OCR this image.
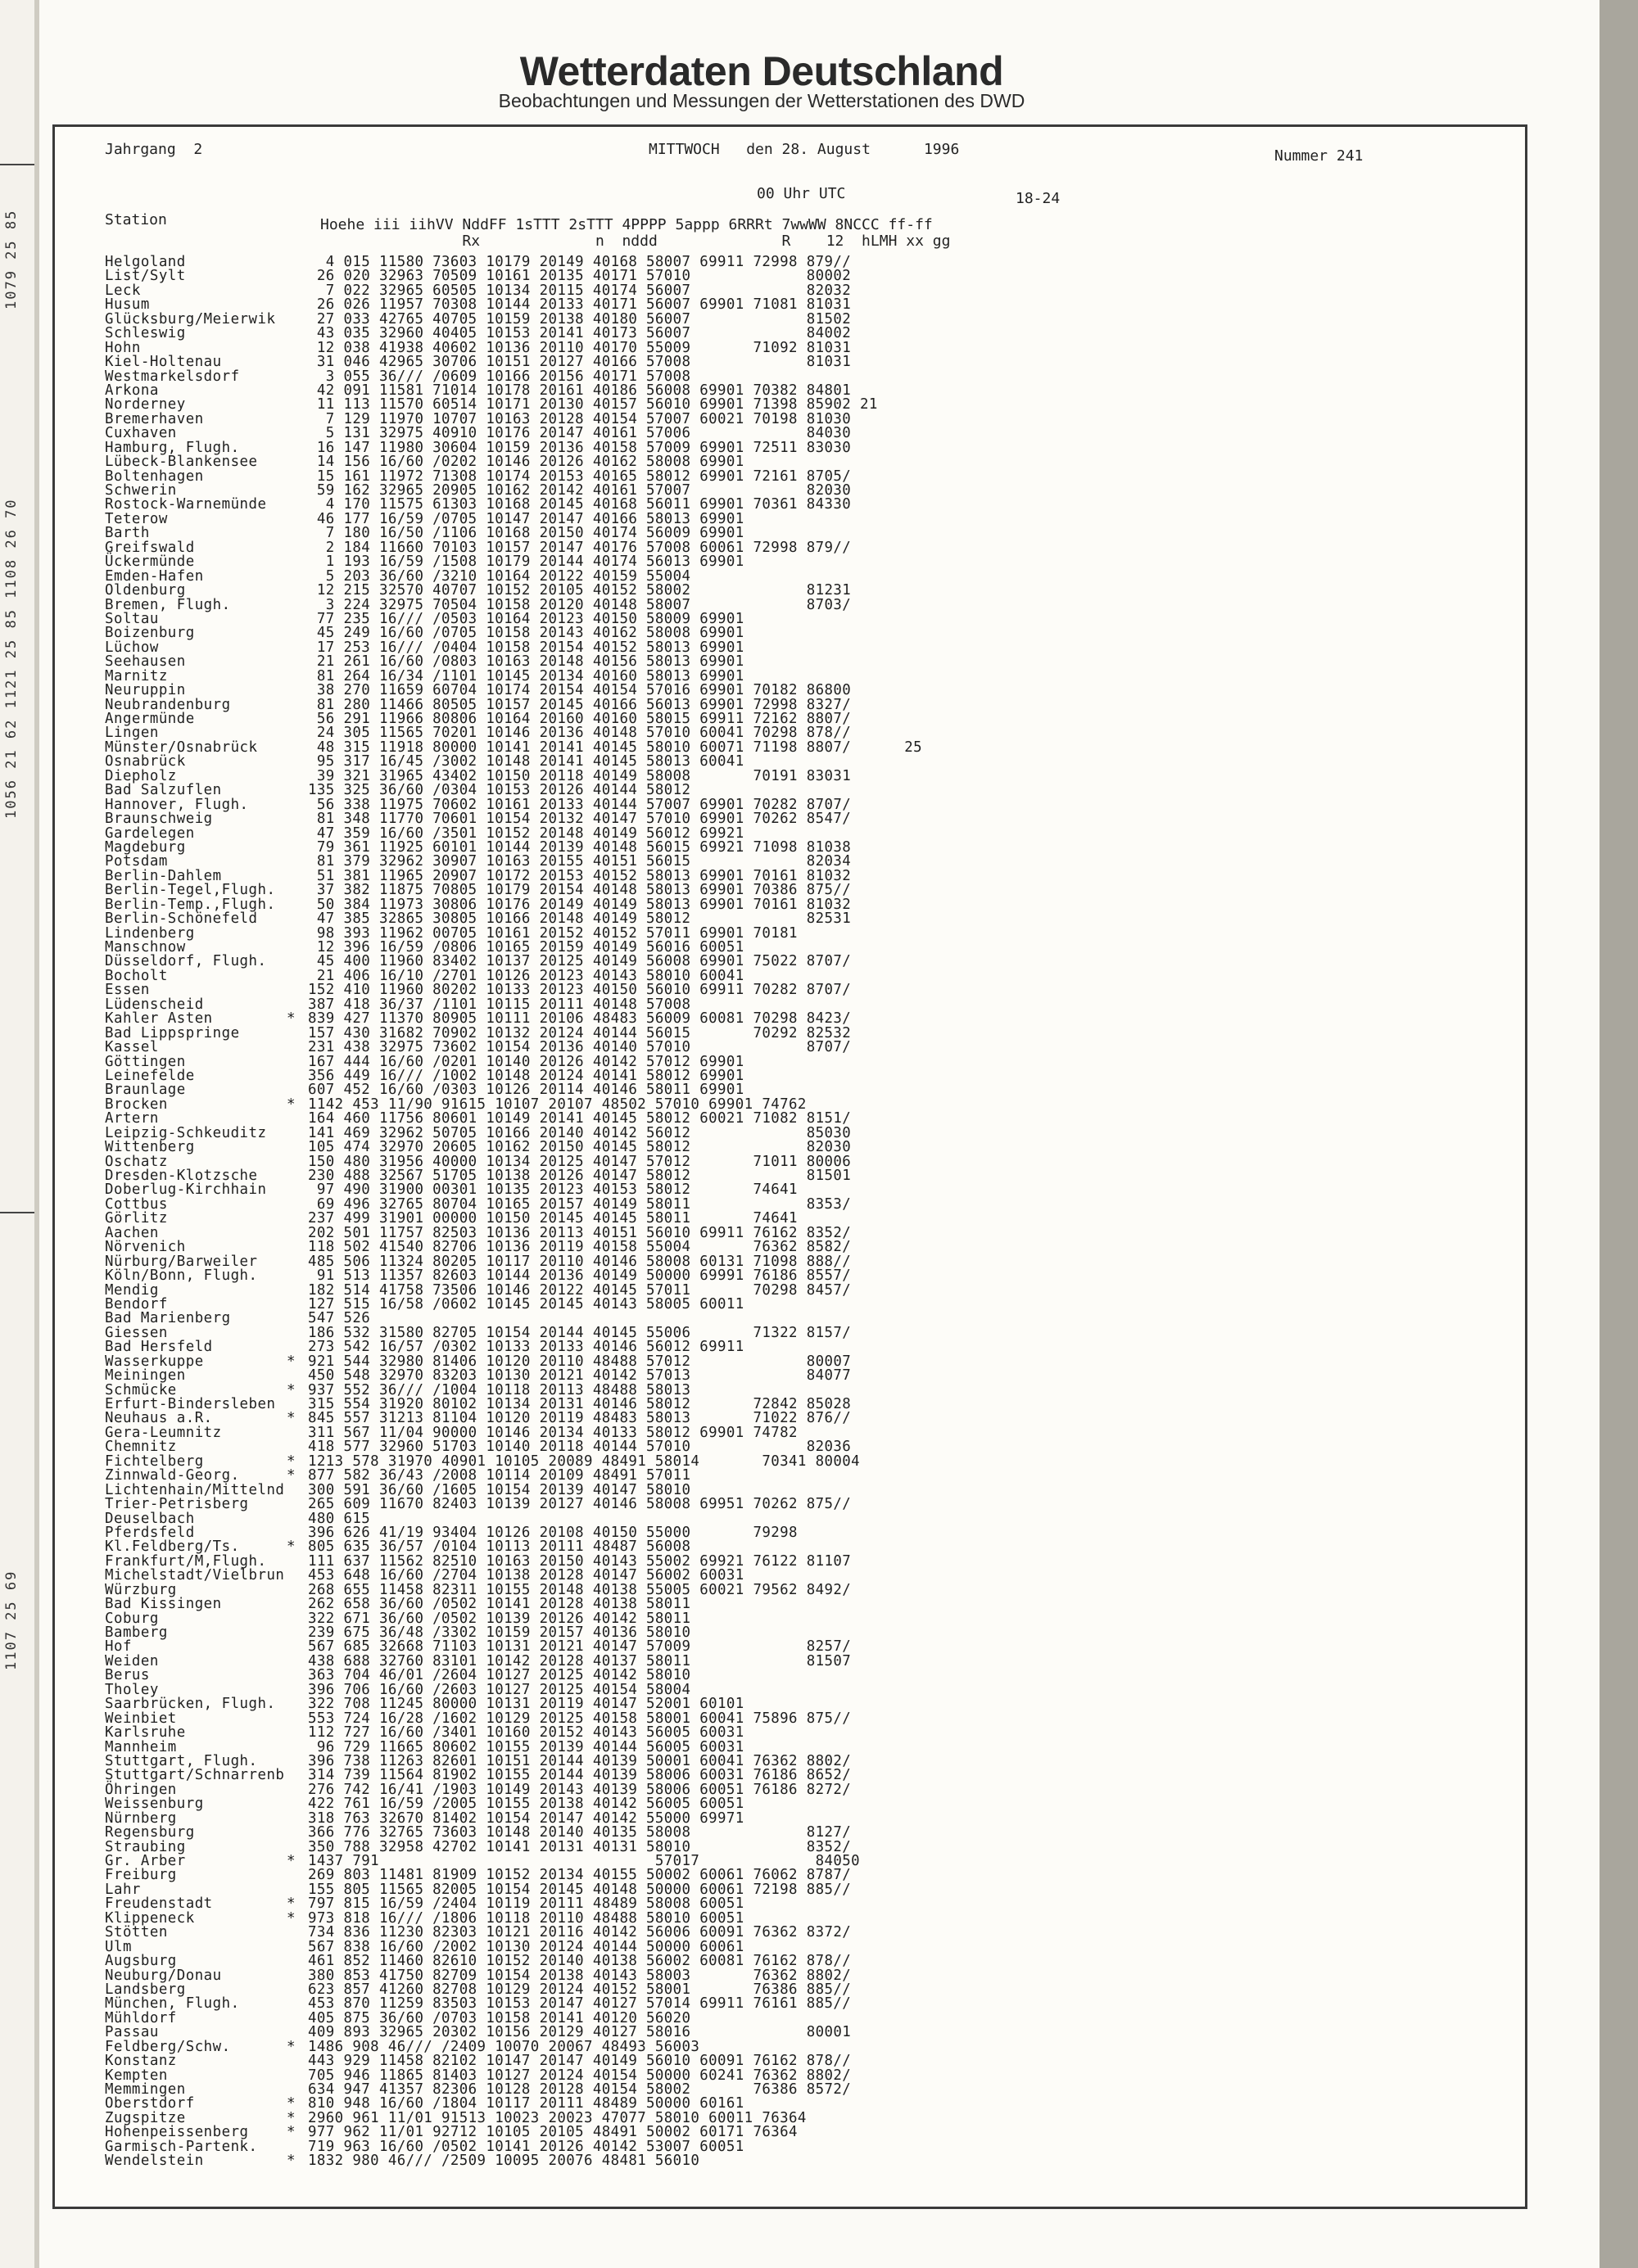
1079 25 85
1056 21 62 1121 25 85 1108 26 70
1107 25 69
Wetterdaten Deutschland
Beobachtungen und Messungen der Wetterstationen des DWD
Jahrgang  2	MITTWOCH   den 28. August      1996	Nummer 241
00 Uhr UTC	18-24
Station	Hoehe iii iihVV NddFF 1sTTT 2sTTT 4PPPP 5appp 6RRRt 7wwWW 8NCCC ff-ff
Rx             n  nddd              R    12  hLMH xx gg
Helgoland	4 015 11580 73603 10179 20149 40168 58007 69911 72998 879//
List/Sylt	26 020 32963 70509 10161 20135 40171 57010             80002
Leck	7 022 32965 60505 10134 20115 40174 56007             82032
Husum	26 026 11957 70308 10144 20133 40171 56007 69901 71081 81031
Glücksburg/Meierwik 27 033 42765 40705 10159 20138 40180 56007             81502
Schleswig	43 035 32960 40405 10153 20141 40173 56007             84002
Hohn	12 038 41938 40602 10136 20110 40170 55009       71092 81031
Kiel-Holtenau	31 046 42965 30706 10151 20127 40166 57008             81031
Westmarkelsdorf	3 055 36/// /0609 10166 20156 40171 57008
Arkona	42 091 11581 71014 10178 20161 40186 56008 69901 70382 84801
Norderney	11 113 11570 60514 10171 20130 40157 56010 69901 71398 85902 21
Bremerhaven	7 129 11970 10707 10163 20128 40154 57007 60021 70198 81030
Cuxhaven	5 131 32975 40910 10176 20147 40161 57006             84030
Hamburg, Flugh.	16 147 11980 30604 10159 20136 40158 57009 69901 72511 83030
Lübeck-Blankensee	14 156 16/60 /0202 10146 20126 40162 58008 69901
Boltenhagen	15 161 11972 71308 10174 20153 40165 58012 69901 72161 8705/
Schwerin	59 162 32965 20905 10162 20142 40161 57007             82030
Rostock-Warnemünde	4 170 11575 61303 10168 20145 40168 56011 69901 70361 84330
Teterow	46 177 16/59 /0705 10147 20147 40166 58013 69901
Barth	7 180 16/50 /1106 10168 20150 40174 56009 69901
Greifswald	2 184 11660 70103 10157 20147 40176 57008 60061 72998 879//
Ückermünde	1 193 16/59 /1508 10179 20144 40174 56013 69901
Emden-Hafen	5 203 36/60 /3210 10164 20122 40159 55004
Oldenburg	12 215 32570 40707 10152 20105 40152 58002             81231
Bremen, Flugh.	3 224 32975 70504 10158 20120 40148 58007             8703/
Soltau	77 235 16/// /0503 10164 20123 40150 58009 69901
Boizenburg	45 249 16/60 /0705 10158 20143 40162 58008 69901
Lüchow	17 253 16/// /0404 10158 20154 40152 58013 69901
Seehausen	21 261 16/60 /0803 10163 20148 40156 58013 69901
Marnitz	81 264 16/34 /1101 10145 20134 40160 58013 69901
Neuruppin	38 270 11659 60704 10174 20154 40154 57016 69901 70182 86800
Neubrandenburg	81 280 11466 80505 10157 20145 40166 56013 69901 72998 8327/
Angermünde	56 291 11966 80806 10164 20160 40160 58015 69911 72162 8807/
Lingen	24 305 11565 70201 10146 20136 40148 57010 60041 70298 878//
Münster/Osnabrück	48 315 11918 80000 10141 20141 40145 58010 60071 71198 8807/      25
Osnabrück	95 317 16/45 /3002 10148 20141 40145 58013 60041
Diepholz	39 321 31965 43402 10150 20118 40149 58008       70191 83031
Bad Salzuflen	135 325 36/60 /0304 10153 20126 40144 58012
Hannover, Flugh.	56 338 11975 70602 10161 20133 40144 57007 69901 70282 8707/
Braunschweig	81 348 11770 70601 10154 20132 40147 57010 69901 70262 8547/
Gardelegen	47 359 16/60 /3501 10152 20148 40149 56012 69921
Magdeburg	79 361 11925 60101 10144 20139 40148 56015 69921 71098 81038
Potsdam	81 379 32962 30907 10163 20155 40151 56015             82034
Berlin-Dahlem	51 381 11965 20907 10172 20153 40152 58013 69901 70161 81032
Berlin-Tegel,Flugh. 37 382 11875 70805 10179 20154 40148 58013 69901 70386 875//
Berlin-Temp.,Flugh. 50 384 11973 30806 10176 20149 40149 58013 69901 70161 81032
Berlin-Schönefeld	47 385 32865 30805 10166 20148 40149 58012             82531
Lindenberg	98 393 11962 00705 10161 20152 40152 57011 69901 70181
Manschnow	12 396 16/59 /0806 10165 20159 40149 56016 60051
Düsseldorf, Flugh.	45 400 11960 83402 10137 20125 40149 56008 69901 75022 8707/
Bocholt	21 406 16/10 /2701 10126 20123 40143 58010 60041
Essen	152 410 11960 80202 10133 20123 40150 56010 69911 70282 8707/
Lüdenscheid	387 418 36/37 /1101 10115 20111 40148 57008
Kahler Asten	* 839 427 11370 80905 10111 20106 48483 56009 60081 70298 8423/
Bad Lippspringe	157 430 31682 70902 10132 20124 40144 56015       70292 82532
Kassel	231 438 32975 73602 10154 20136 40140 57010             8707/
Göttingen	167 444 16/60 /0201 10140 20126 40142 57012 69901
Leinefelde	356 449 16/// /1002 10148 20124 40141 58012 69901
Braunlage	607 452 16/60 /0303 10126 20114 40146 58011 69901
Brocken	* 1142 453 11/90 91615 10107 20107 48502 57010 69901 74762
Artern	164 460 11756 80601 10149 20141 40145 58012 60021 71082 8151/
Leipzig-Schkeuditz	141 469 32962 50705 10166 20140 40142 56012             85030
Wittenberg	105 474 32970 20605 10162 20150 40145 58012             82030
Oschatz	150 480 31956 40000 10134 20125 40147 57012       71011 80006
Dresden-Klotzsche	230 488 32567 51705 10138 20126 40147 58012             81501
Doberlug-Kirchhain	97 490 31900 00301 10135 20123 40153 58012       74641
Cottbus	69 496 32765 80704 10165 20157 40149 58011             8353/
Görlitz	237 499 31901 00000 10150 20145 40145 58011       74641
Aachen	202 501 11757 82503 10136 20113 40151 56010 69911 76162 8352/
Nörvenich	118 502 41540 82706 10136 20119 40158 55004       76362 8582/
Nürburg/Barweiler	485 506 11324 80205 10117 20110 40146 58008 60131 71098 888//
Köln/Bonn, Flugh.	91 513 11357 82603 10144 20136 40149 50000 69991 76186 8557/
Mendig	182 514 41758 73506 10146 20122 40145 57011       70298 8457/
Bendorf	127 515 16/58 /0602 10145 20145 40143 58005 60011
Bad Marienberg	547 526
Giessen	186 532 31580 82705 10154 20144 40145 55006       71322 8157/
Bad Hersfeld	273 542 16/57 /0302 10133 20133 40146 56012 69911
Wasserkuppe	* 921 544 32980 81406 10120 20110 48488 57012             80007
Meiningen	450 548 32970 83203 10130 20121 40142 57013             84077
Schmücke	* 937 552 36/// /1004 10118 20113 48488 58013
Erfurt-Bindersleben 315 554 31920 80102 10134 20131 40146 58012       72842 85028
Neuhaus a.R.	* 845 557 31213 81104 10120 20119 48483 58013       71022 876//
Gera-Leumnitz	311 567 11/04 90000 10146 20134 40133 58012 69901 74782
Chemnitz	418 577 32960 51703 10140 20118 40144 57010             82036
Fichtelberg	* 1213 578 31970 40901 10105 20089 48491 58014       70341 80004
Zinnwald-Georg.	* 877 582 36/43 /2008 10114 20109 48491 57011
Lichtenhain/Mittelnd 300 591 36/60 /1605 10154 20139 40147 58010
Trier-Petrisberg	265 609 11670 82403 10139 20127 40146 58008 69951 70262 875//
Deuselbach	480 615
Pferdsfeld	396 626 41/19 93404 10126 20108 40150 55000       79298
Kl.Feldberg/Ts.	* 805 635 36/57 /0104 10113 20111 48487 56008
Frankfurt/M,Flugh.	111 637 11562 82510 10163 20150 40143 55002 69921 76122 81107
Michelstadt/Vielbrun 453 648 16/60 /2704 10138 20128 40147 56002 60031
Würzburg	268 655 11458 82311 10155 20148 40138 55005 60021 79562 8492/
Bad Kissingen	262 658 36/60 /0502 10141 20128 40138 58011
Coburg	322 671 36/60 /0502 10139 20126 40142 58011
Bamberg	239 675 36/48 /3302 10159 20157 40136 58010
Hof	567 685 32668 71103 10131 20121 40147 57009             8257/
Weiden	438 688 32760 83101 10142 20128 40137 58011             81507
Berus	363 704 46/01 /2604 10127 20125 40142 58010
Tholey	396 706 16/60 /2603 10127 20125 40154 58004
Saarbrücken, Flugh. 322 708 11245 80000 10131 20119 40147 52001 60101
Weinbiet	553 724 16/28 /1602 10129 20125 40158 58001 60041 75896 875//
Karlsruhe	112 727 16/60 /3401 10160 20152 40143 56005 60031
Mannheim	96 729 11665 80602 10155 20139 40144 56005 60031
Stuttgart, Flugh.	396 738 11263 82601 10151 20144 40139 50001 60041 76362 8802/
Stuttgart/Schnarrenb 314 739 11564 81902 10155 20144 40139 58006 60031 76186 8652/
Öhringen	276 742 16/41 /1903 10149 20143 40139 58006 60051 76186 8272/
Weissenburg	422 761 16/59 /2005 10155 20138 40142 56005 60051
Nürnberg	318 763 32670 81402 10154 20147 40142 55000 69971
Regensburg	366 776 32765 73603 10148 20140 40135 58008             8127/
Straubing	350 788 32958 42702 10141 20131 40131 58010             8352/
Gr. Arber	* 1437 791                               57017             84050
Freiburg	269 803 11481 81909 10152 20134 40155 50002 60061 76062 8787/
Lahr	155 805 11565 82005 10154 20145 40148 50000 60061 72198 885//
Freudenstadt	* 797 815 16/59 /2404 10119 20111 48489 58008 60051
Klippeneck	* 973 818 16/// /1806 10118 20110 48488 58010 60051
Stötten	734 836 11230 82303 10121 20116 40142 56006 60091 76362 8372/
Ulm	567 838 16/60 /2002 10130 20124 40144 50000 60061
Augsburg	461 852 11460 82610 10152 20140 40138 56002 60081 76162 878//
Neuburg/Donau	380 853 41750 82709 10154 20138 40143 58003       76362 8802/
Landsberg	623 857 41260 82708 10129 20124 40152 58001       76386 885//
München, Flugh.	453 870 11259 83503 10153 20147 40127 57014 69911 76161 885//
Mühldorf	405 875 36/60 /0703 10158 20141 40120 56020
Passau	409 893 32965 20302 10156 20129 40127 58016             80001
Feldberg/Schw.	* 1486 908 46/// /2409 10070 20067 48493 56003
Konstanz	443 929 11458 82102 10147 20147 40149 56010 60091 76162 878//
Kempten	705 946 11865 81403 10127 20124 40154 50000 60241 76362 8802/
Memmingen	634 947 41357 82306 10128 20128 40154 58002       76386 8572/
Oberstdorf	* 810 948 16/60 /1804 10117 20111 48489 50000 60161
Zugspitze	* 2960 961 11/01 91513 10023 20023 47077 58010 60011 76364
Hohenpeissenberg	* 977 962 11/01 92712 10105 20105 48491 50002 60171 76364
Garmisch-Partenk.	719 963 16/60 /0502 10141 20126 40142 53007 60051
Wendelstein	* 1832 980 46/// /2509 10095 20076 48481 56010
